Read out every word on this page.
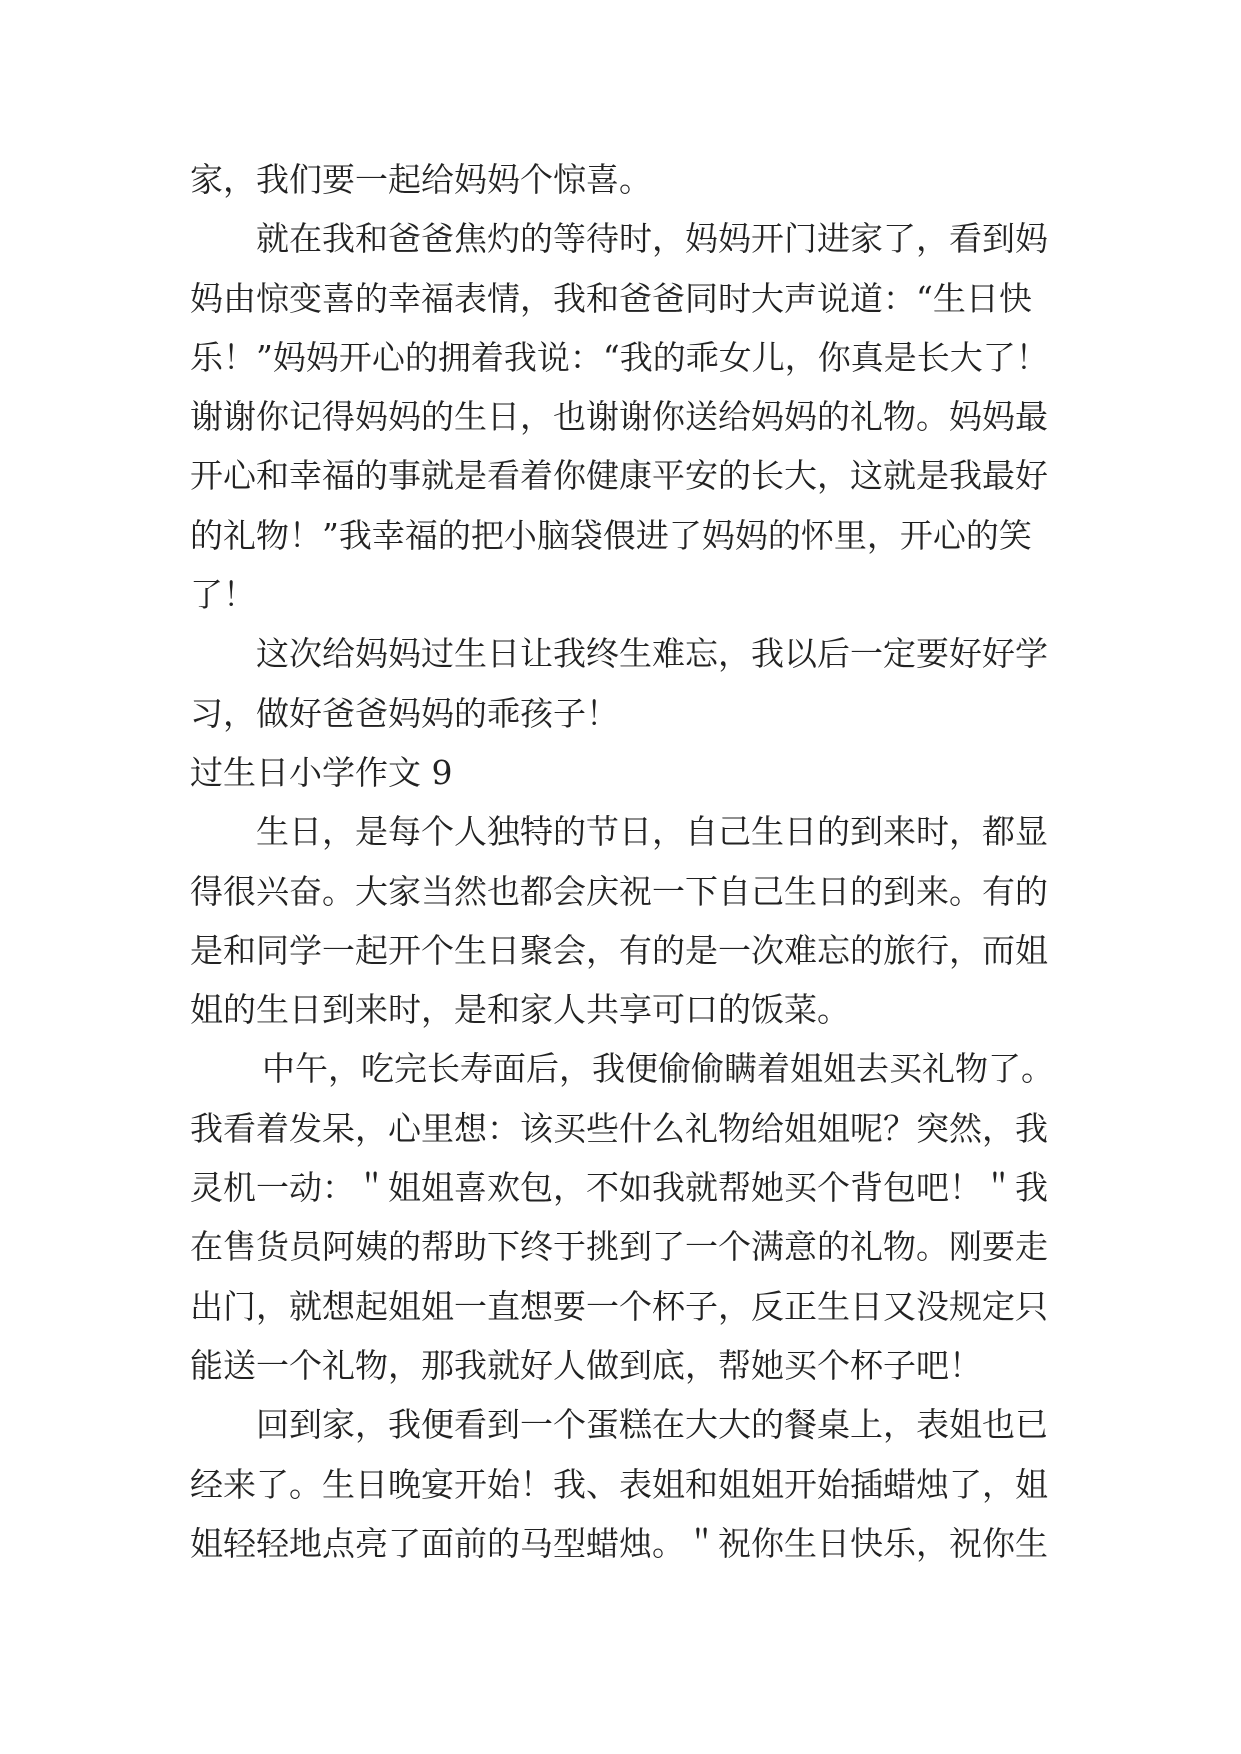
家，我们要一起给妈妈个惊喜。
就在我和爸爸焦灼的等待时，妈妈开门进家了，看到妈
妈由惊变喜的幸福表情，我和爸爸同时大声说道：“生日快
乐！”妈妈开心的拥着我说：“我的乖女儿，你真是长大了！
谢谢你记得妈妈的生日，也谢谢你送给妈妈的礼物。妈妈最
开心和幸福的事就是看着你健康平安的长大，这就是我最好
的礼物！”我幸福的把小脑袋偎进了妈妈的怀里，开心的笑
了！
这次给妈妈过生日让我终生难忘，我以后一定要好好学
习，做好爸爸妈妈的乖孩子！
过生日小学作文 9
生日，是每个人独特的节日，自己生日的到来时，都显
得很兴奋。大家当然也都会庆祝一下自己生日的到来。有的
是和同学一起开个生日聚会，有的是一次难忘的旅行，而姐
姐的生日到来时，是和家人共享可口的饭菜。
中午，吃完长寿面后，我便偷偷瞒着姐姐去买礼物了。
我看着发呆，心里想：该买些什么礼物给姐姐呢？突然，我
灵机一动：＂姐姐喜欢包，不如我就帮她买个背包吧！＂我
在售货员阿姨的帮助下终于挑到了一个满意的礼物。刚要走
出门，就想起姐姐一直想要一个杯子，反正生日又没规定只
能送一个礼物，那我就好人做到底，帮她买个杯子吧！
回到家，我便看到一个蛋糕在大大的餐桌上，表姐也已
经来了。生日晚宴开始！我、表姐和姐姐开始插蜡烛了，姐
姐轻轻地点亮了面前的马型蜡烛。＂祝你生日快乐，祝你生
